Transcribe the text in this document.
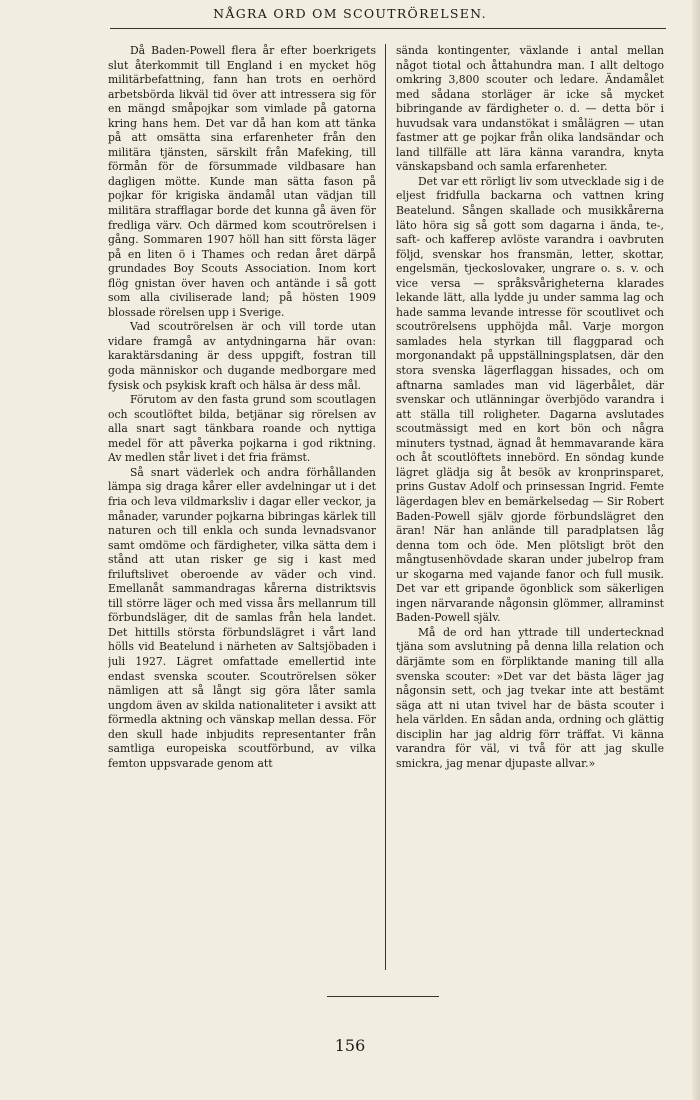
NÅGRA ORD OM SCOUTRÖRELSEN.

Då Baden-Powell flera år efter boerkrigets slut återkommit till England i en mycket hög militärbefattning, fann han trots en oerhörd arbetsbörda likväl tid över att intressera sig för en mängd småpojkar som vimlade på gatorna kring hans hem. Det var då han kom att tänka på att omsätta sina erfarenheter från den militära tjänsten, särskilt från Mafeking, till förmån för de försummade vildbasare han dagligen mötte. Kunde man sätta fason på pojkar för krigiska ändamål utan vädjan till militära strafflagar borde det kunna gå även för fredliga värv. Och därmed kom scoutrörelsen i gång. Sommaren 1907 höll han sitt första läger på en liten ö i Thames och redan året därpå grundades Boy Scouts Association. Inom kort flög gnistan över haven och antände i så gott som alla civiliserade land; på hösten 1909 blossade rörelsen upp i Sverige.

Vad scoutrörelsen är och vill torde utan vidare framgå av antydningarna här ovan: karaktärsdaning är dess uppgift, fostran till goda människor och dugande medborgare med fysisk och psykisk kraft och hälsa är dess mål.

Förutom av den fasta grund som scoutlagen och scoutlöftet bilda, betjänar sig rörelsen av alla snart sagt tänkbara roande och nyttiga medel för att påverka pojkarna i god riktning. Av medlen står livet i det fria främst.

Så snart väderlek och andra förhållanden lämpa sig draga kårer eller avdelningar ut i det fria och leva vildmarksliv i dagar eller veckor, ja månader, varunder pojkarna bibringas kärlek till naturen och till enkla och sunda levnadsvanor samt omdöme och färdigheter, vilka sätta dem i stånd att utan risker ge sig i kast med friluftslivet oberoende av väder och vind. Emellanåt sammandragas kårerna distriktsvis till större läger och med vissa års mellanrum till förbundsläger, dit de samlas från hela landet. Det hittills största förbundslägret i vårt land hölls vid Beatelund i närheten av Saltsjöbaden i juli 1927. Lägret omfattade emellertid inte endast svenska scouter. Scoutrörelsen söker nämligen att så långt sig göra låter samla ungdom även av skilda nationaliteter i avsikt att förmedla aktning och vänskap mellan dessa. För den skull hade inbjudits representanter från samtliga europeiska scoutförbund, av vilka femton uppsvarade genom att

sända kontingenter, växlande i antal mellan något tiotal och åttahundra man. I allt deltogo omkring 3,800 scouter och ledare. Ändamålet med sådana storläger är icke så mycket bibringande av färdigheter o. d. — detta bör i huvudsak vara undanstökat i smålägren — utan fastmer att ge pojkar från olika landsändar och land tillfälle att lära känna varandra, knyta vänskapsband och samla erfarenheter.

Det var ett rörligt liv som utvecklade sig i de eljest fridfulla backarna och vattnen kring Beatelund. Sången skallade och musikkårerna läto höra sig så gott som dagarna i ända, te-, saft- och kafferep avlöste varandra i oavbruten följd, svenskar hos fransmän, letter, skottar, engelsmän, tjeckoslovaker, ungrare o. s. v. och vice versa — språksvårigheterna klarades lekande lätt, alla lydde ju under samma lag och hade samma levande intresse för scoutlivet och scoutrörelsens upphöjda mål. Varje morgon samlades hela styrkan till flaggparad och morgonandakt på uppställningsplatsen, där den stora svenska lägerflaggan hissades, och om aftnarna samlades man vid lägerbålet, där svenskar och utlänningar överbjödo varandra i att ställa till roligheter. Dagarna avslutades scoutmässigt med en kort bön och några minuters tystnad, ägnad åt hemmavarande kära och åt scoutlöftets innebörd. En söndag kunde lägret glädja sig åt besök av kronprinsparet, prins Gustav Adolf och prinsessan Ingrid. Femte lägerdagen blev en bemärkelsedag — Sir Robert Baden-Powell själv gjorde förbundslägret den äran! När han anlände till paradplatsen låg denna tom och öde. Men plötsligt bröt den mångtusenhövdade skaran under jubelrop fram ur skogarna med vajande fanor och full musik. Det var ett gripande ögonblick som säkerligen ingen närvarande någonsin glömmer, allraminst Baden-Powell själv.

Må de ord han yttrade till undertecknad tjäna som avslutning på denna lilla relation och därjämte som en förpliktande maning till alla svenska scouter: »Det var det bästa läger jag någonsin sett, och jag tvekar inte att bestämt säga att ni utan tvivel har de bästa scouter i hela världen. En sådan anda, ordning och glättig disciplin har jag aldrig förr träffat. Vi känna varandra för väl, vi två för att jag skulle smickra, jag menar djupaste allvar.»

156
